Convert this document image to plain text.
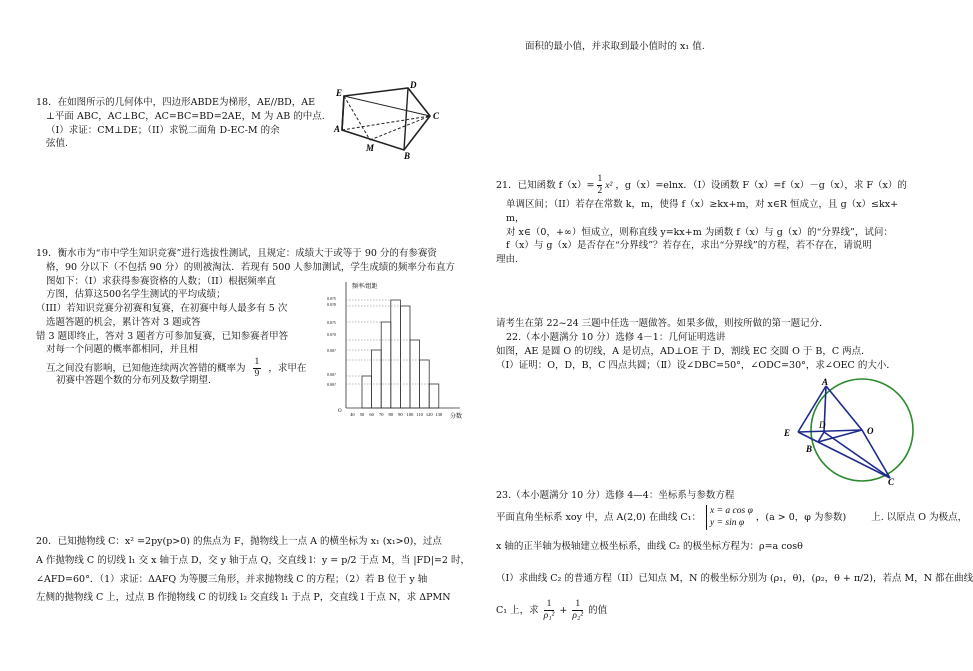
面积的最小值，并求取到最小值时的 x₁ 值.
18．在如图所示的几何体中，四边形ABDE为梯形，AE//BD，AE
⊥平面 ABC，AC⊥BC，AC=BC=BD=2AE，M 为 AB 的中点.
（I）求证：CM⊥DE；（II）求锐二面角 D-EC-M 的余
弦值.
E
D
A
C
M
B
19．衡水市为“市中学生知识竞赛”进行选拔性测试，且规定：成绩大于或等于 90 分的有参赛资
格，90 分以下（不包括 90 分）的则被淘汰．若现有 500 人参加测试，学生成绩的频率分布直方
图如下：（I）求获得参赛资格的人数；（II）根据频率直
方图，估算这500名学生测试的平均成绩；
（III）若知识竞赛分初赛和复赛，在初赛中每人最多有 5 次
选题答题的机会，累计答对 3 题或答
错 3 题即终止，答对 3 题者方可参加复赛，已知参赛者甲答
对每一个问题的概率都相同，并且相
互之间没有影响，已知他连续两次答错的概率为 $\frac{1}{9}$ ，求甲在
初赛中答题个数的分布列及数学期望.
频率/组距
分数
O
40 50 60 70 80 90 100 110 120 130
0.0?5
0.0?0
0.0?5
0.0?0
0.00?
0.00?
0.00?
20．已知抛物线 C：x² =2py(p>0) 的焦点为 F，抛物线上一点 A 的横坐标为 x₁ (x₁>0)，过点
A 作抛物线 C 的切线 l₁ 交 x 轴于点 D，交 y 轴于点 Q，交直线 l：y = p/2 于点 M，当 |FD|=2 时，
∠AFD=60°．（1）求证：ΔAFQ 为等腰三角形，并求抛物线 C 的方程；（2）若 B 位于 y 轴
左侧的抛物线 C 上，过点 B 作抛物线 C 的切线 l₂ 交直线 l₁ 于点 P，交直线 l 于点 N，求 ΔPMN
21．已知函数 $f(x)= \frac{1}{2} x^2$ ，g（x）=elnx．（I）设函数 F（x）=f（x）－g（x），求 F（x）的
单调区间；（II）若存在常数 k，m，使得 f（x）≥kx+m，对 x∈R 恒成立，且 g（x）≤kx+
m，
对 x∈（0，+∞）恒成立，则称直线 y=kx+m 为函数 f（x）与 g（x）的“分界线”，试问：
f（x）与 g（x）是否存在“分界线”？若存在，求出“分界线”的方程，若不存在，请说明
理由.
请考生在第 22~24 三题中任选一题做答。如果多做，则按所做的第一题记分．
22.（本小题满分 10 分）选修 4－1：几何证明选讲
如图，AE 是圆 O 的切线，A 是切点，AD⊥OE 于 D，割线 EC 交圆 O 于 B，C 两点．
（Ⅰ）证明：O，D，B，C 四点共圆；（Ⅱ）设∠DBC=50°，∠ODC=30°，求∠OEC 的大小．
A
E
D
O
B
C
23.（本小题满分 10 分）选修 4—4：坐标系与参数方程
平面直角坐标系 xoy 中，点 A(2,0) 在曲线 C₁：
x = a cos φ
y = sin φ
，(a > 0，φ 为参数)	上. 以原点 O 为极点，
x 轴的正半轴为极轴建立极坐标系，曲线 C₂ 的极坐标方程为：ρ=a cosθ
（I）求曲线 C₂ 的普通方程（II）已知点 M，N 的极坐标分别为 (ρ₁，θ)，(ρ₂，θ + π/2)，若点 M，N 都在曲线
C₁ 上，求 $\frac{1}{\text{ρ₁²}} + \frac{1}{\text{ρ₂²}}$ 的值
